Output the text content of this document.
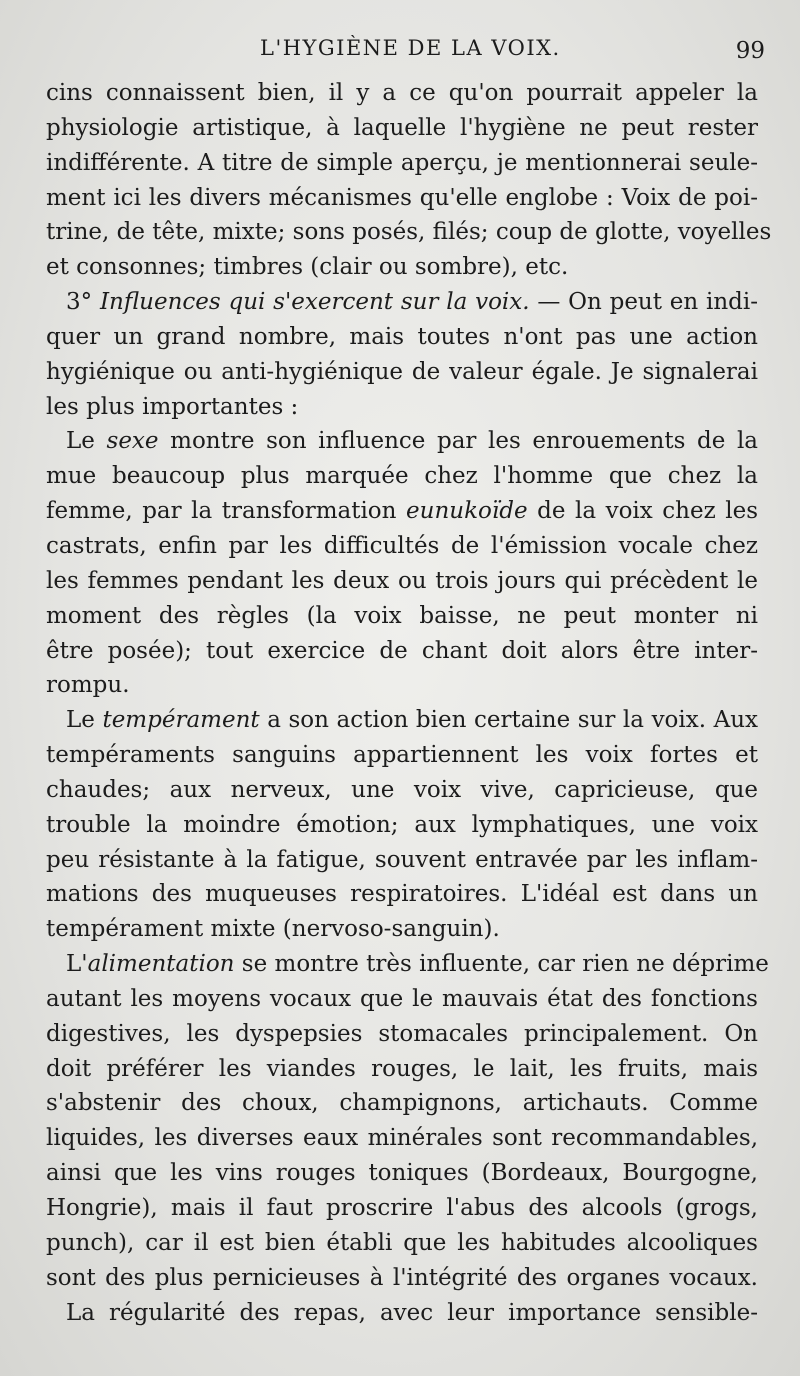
L'HYGIÈNE DE LA VOIX.	99
cins connaissent bien, il y a ce qu'on pourrait appeler la
physiologie artistique, à laquelle l'hygiène ne peut rester
indifférente. A titre de simple aperçu, je mentionnerai seule-
ment ici les divers mécanismes qu'elle englobe : Voix de poi-
trine, de tête, mixte; sons posés, filés; coup de glotte, voyelles
et consonnes; timbres (clair ou sombre), etc.
3° Influences qui s'exercent sur la voix. — On peut en indi-
quer un grand nombre, mais toutes n'ont pas une action
hygiénique ou anti-hygiénique de valeur égale. Je signalerai
les plus importantes :
Le sexe montre son influence par les enrouements de la
mue beaucoup plus marquée chez l'homme que chez la
femme, par la transformation eunukoïde de la voix chez les
castrats, enfin par les difficultés de l'émission vocale chez
les femmes pendant les deux ou trois jours qui précèdent le
moment des règles (la voix baisse, ne peut monter ni
être posée); tout exercice de chant doit alors être inter-
rompu.
Le tempérament a son action bien certaine sur la voix. Aux
tempéraments sanguins appartiennent les voix fortes et
chaudes; aux nerveux, une voix vive, capricieuse, que
trouble la moindre émotion; aux lymphatiques, une voix
peu résistante à la fatigue, souvent entravée par les inflam-
mations des muqueuses respiratoires. L'idéal est dans un
tempérament mixte (nervoso-sanguin).
L'alimentation se montre très influente, car rien ne déprime
autant les moyens vocaux que le mauvais état des fonctions
digestives, les dyspepsies stomacales principalement. On
doit préférer les viandes rouges, le lait, les fruits, mais
s'abstenir des choux, champignons, artichauts. Comme
liquides, les diverses eaux minérales sont recommandables,
ainsi que les vins rouges toniques (Bordeaux, Bourgogne,
Hongrie), mais il faut proscrire l'abus des alcools (grogs,
punch), car il est bien établi que les habitudes alcooliques
sont des plus pernicieuses à l'intégrité des organes vocaux.
La régularité des repas, avec leur importance sensible-
